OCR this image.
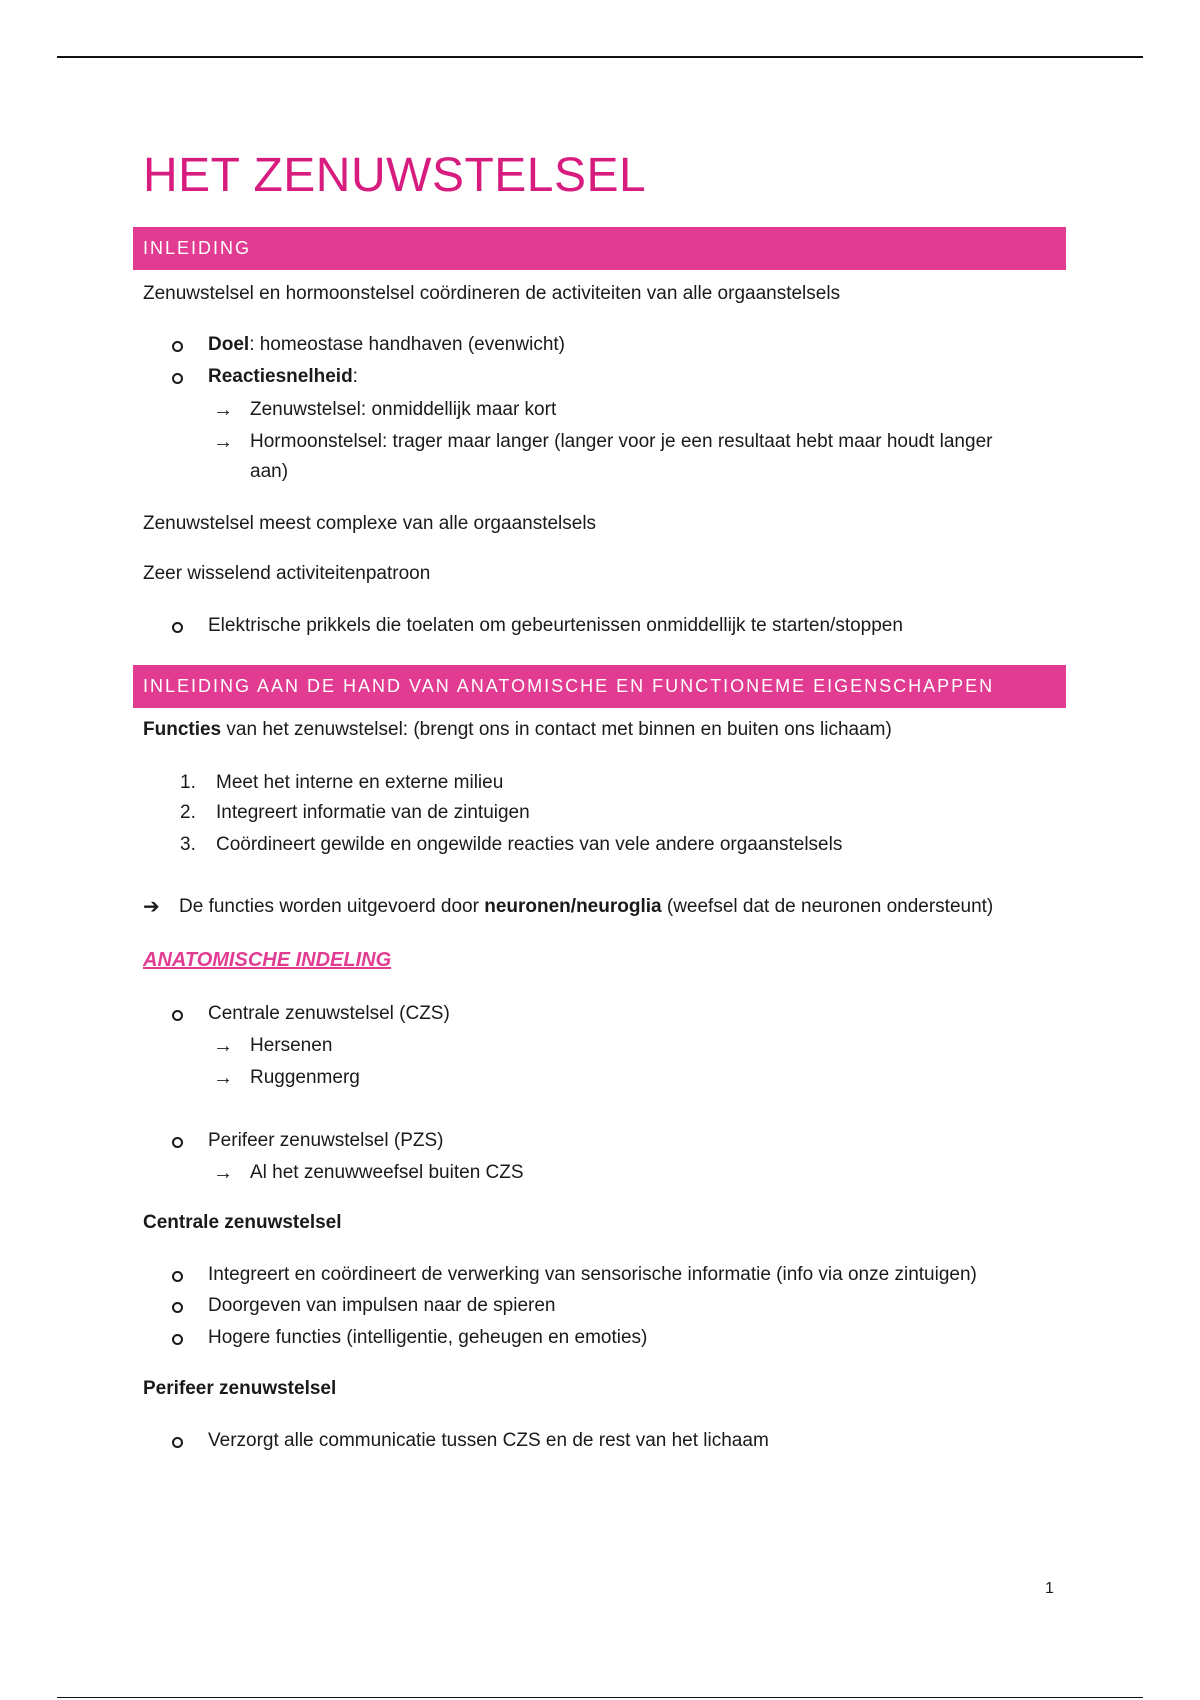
HET ZENUWSTELSEL
INLEIDING
Zenuwstelsel en hormoonstelsel coördineren de activiteiten van alle orgaanstelsels
Doel: homeostase handhaven (evenwicht)
Reactiesnelheid:
→ Zenuwstelsel: onmiddellijk maar kort
→ Hormoonstelsel: trager maar langer (langer voor je een resultaat hebt maar houdt langer
aan)
Zenuwstelsel meest complexe van alle orgaanstelsels
Zeer wisselend activiteitenpatroon
Elektrische prikkels die toelaten om gebeurtenissen onmiddellijk te starten/stoppen
INLEIDING AAN DE HAND VAN ANATOMISCHE EN FUNCTIONEME EIGENSCHAPPEN
Functies van het zenuwstelsel: (brengt ons in contact met binnen en buiten ons lichaam)
1. Meet het interne en externe milieu
2. Integreert informatie van de zintuigen
3. Coördineert gewilde en ongewilde reacties van vele andere orgaanstelsels
➔ De functies worden uitgevoerd door neuronen/neuroglia (weefsel dat de neuronen ondersteunt)
ANATOMISCHE INDELING
Centrale zenuwstelsel (CZS)
→ Hersenen
→ Ruggenmerg
Perifeer zenuwstelsel (PZS)
→ Al het zenuwweefsel buiten CZS
Centrale zenuwstelsel
Integreert en coördineert de verwerking van sensorische informatie (info via onze zintuigen)
Doorgeven van impulsen naar de spieren
Hogere functies (intelligentie, geheugen en emoties)
Perifeer zenuwstelsel
Verzorgt alle communicatie tussen CZS en de rest van het lichaam
1
